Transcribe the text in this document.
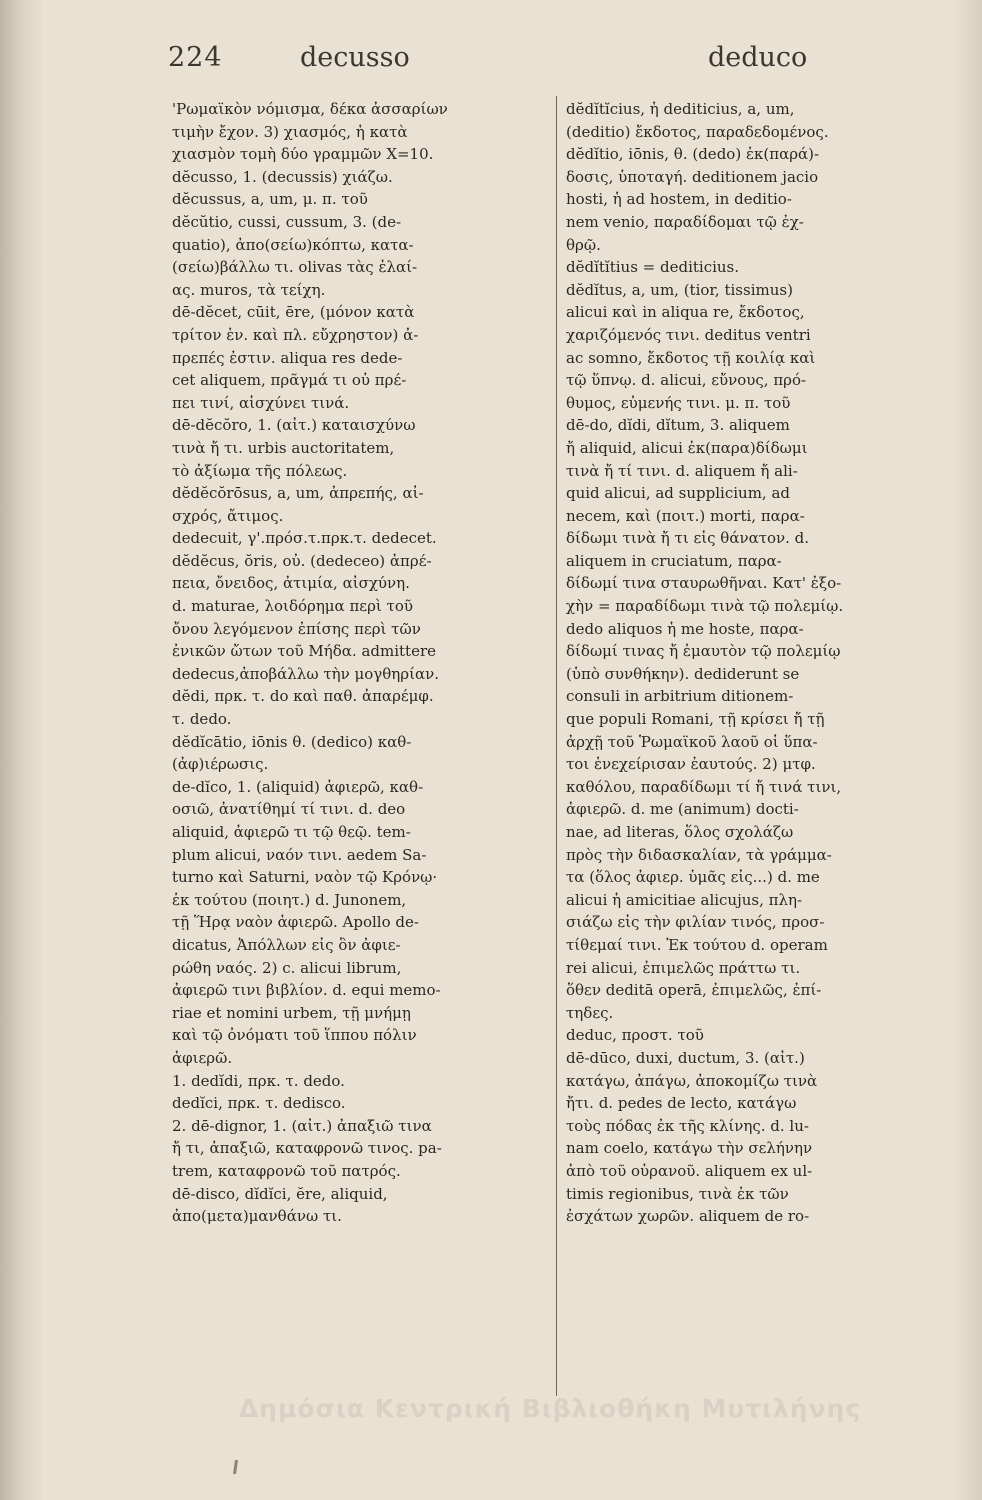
224	decusso	deduco
'Ρωμαϊκὸν νόμισμα, δέκα ἀσσαρίων
τιμὴν ἔχον. 3) χιασμός, ἡ κατὰ
χιασμὸν τομὴ δύο γραμμῶν X=10.
dĕcusso, 1. (decussis) χιάζω.
dĕcussus, a, um, μ. π. τοῦ
dĕcŭtio, cussi, cussum, 3. (de-
quatio), ἀπο(σείω)κόπτω, κατα-
(σείω)βάλλω τι. olivas τὰς ἐλαί-
ας. muros, τὰ τείχη.
dē-dĕcet, cūit, ēre, (μόνον κατὰ
τρίτον ἑν. καὶ πλ. εὔχρηστον) ἀ-
πρεπές ἐστιν. aliqua res dede-
cet aliquem, πρᾶγμά τι οὐ πρέ-
πει τινί, αἰσχύνει τινά.
dē-dĕcŏro, 1. (αἰτ.) καταισχύνω
τινὰ ἤ τι. urbis auctoritatem,
τὸ ἀξίωμα τῆς πόλεως.
dĕdĕcŏrōsus, a, um, ἀπρεπής, αἰ-
σχρός, ἄτιμος.
dedecuit, γ'.πρόσ.τ.πρκ.τ. dedecet.
dĕdĕcus, ŏris, οὐ. (dedeceo) ἀπρέ-
πεια, ὄνειδος, ἀτιμία, αἰσχύνη.
d. maturae, λοιδόρημα περὶ τοῦ
ὄνου λεγόμενον ἐπίσης περὶ τῶν
ἐνικῶν ὤτων τοῦ Μήδα. admittere
dedecus,ἀποβάλλω τὴν μογθηρίαν.
dĕdi, πρκ. τ. do καὶ παθ. ἀπαρέμφ.
τ. dedo.
dĕdĭcātio, iōnis θ. (dedico) καθ-
(ἀφ)ιέρωσις.
de-dĭco, 1. (aliquid) ἀφιερῶ, καθ-
οσιῶ, ἀνατίθημί τί τινι. d. deo
aliquid, ἀφιερῶ τι τῷ θεῷ. tem-
plum alicui, ναόν τινι. aedem Sa-
turno καὶ Saturni, ναὸν τῷ Κρόνῳ·
ἐκ τούτου (ποιητ.) d. Junonem,
τῇ Ἥρᾳ ναὸν ἀφιερῶ. Apollo de-
dicatus, Ἀπόλλων εἰς ὃν ἀφιε-
ρώθη ναός. 2) c. alicui librum,
ἀφιερῶ τινι βιβλίον. d. equi memo-
riae et nomini urbem, τῇ μνήμῃ
καὶ τῷ ὀνόματι τοῦ ἵππου πόλιν
ἀφιερῶ.
1. dedĭdi, πρκ. τ. dedo.
dedĭci, πρκ. τ. dedisco.
2. dē-dignor, 1. (αἰτ.) ἀπαξιῶ τινα
ἤ τι, ἀπαξιῶ, καταφρονῶ τινος. pa-
trem, καταφρονῶ τοῦ πατρός.
dē-disco, dĭdĭci, ĕre, aliquid,
ἀπο(μετα)μανθάνω τι.
dĕdĭtĭcius, ἡ dediticius, a, um,
(deditio) ἔκδοτος, παραδεδομένος.
dĕdĭtio, iōnis, θ. (dedo) ἐκ(παρά)-
δοσις, ὑποταγή. deditionem jacio
hosti, ἡ ad hostem, in deditio-
nem venio, παραδίδομαι τῷ ἐχ-
θρῷ.
dĕdĭtĭtius = dediticius.
dĕdĭtus, a, um, (tior, tissimus)
alicui καὶ in aliqua re, ἔκδοτος,
χαριζόμενός τινι. deditus ventri
ac somno, ἔκδοτος τῇ κοιλίᾳ καὶ
τῷ ὕπνῳ. d. alicui, εὔνους, πρό-
θυμος, εὐμενής τινι. μ. π. τοῦ
dē-do, dĭdi, dĭtum, 3. aliquem
ἤ aliquid, alicui ἐκ(παρα)δίδωμι
τινὰ ἤ τί τινι. d. aliquem ἤ ali-
quid alicui, ad supplicium, ad
necem, καὶ (ποιτ.) morti, παρα-
δίδωμι τινὰ ἤ τι εἰς θάνατον. d.
aliquem in cruciatum, παρα-
δίδωμί τινα σταυρωθῆναι. Κατ' ἐξο-
χὴν = παραδίδωμι τινὰ τῷ πολεμίῳ.
dedo aliquos ἡ me hoste, παρα-
δίδωμί τινας ἤ ἐμαυτὸν τῷ πολεμίῳ
(ὑπὸ συνθήκην). dediderunt se
consuli in arbitrium ditionem-
que populi Romani, τῇ κρίσει ἤ τῇ
ἀρχῇ τοῦ Ῥωμαϊκοῦ λαοῦ οἱ ὕπα-
τοι ἐνεχείρισαν ἑαυτούς. 2) μτφ.
καθόλου, παραδίδωμι τί ἤ τινά τινι,
ἀφιερῶ. d. me (animum) docti-
nae, ad literas, ὅλος σχολάζω
πρὸς τὴν διδασκαλίαν, τὰ γράμμα-
τα (ὅλος ἀφιερ. ὑμᾶς εἰς...) d. me
alicui ἡ amicitiae alicujus, πλη-
σιάζω εἰς τὴν φιλίαν τινός, προσ-
τίθεμαί τινι. Ἐκ τούτου d. operam
rei alicui, ἐπιμελῶς πράττω τι.
ὅθεν deditā operā, ἐπιμελῶς, ἐπί-
τηδες.
deduc, προστ. τοῦ
dē-dūco, duxi, ductum, 3. (αἰτ.)
κατάγω, ἀπάγω, ἀποκομίζω τινὰ
ἤτι. d. pedes de lecto, κατάγω
τοὺς πόδας ἐκ τῆς κλίνης. d. lu-
nam coelo, κατάγω τὴν σελήνην
ἀπὸ τοῦ οὐρανοῦ. aliquem ex ul-
timis regionibus, τινὰ ἐκ τῶν
ἐσχάτων χωρῶν. aliquem de ro-
Δημόσια Κεντρική Βιβλιοθήκη Μυτιλήνης
